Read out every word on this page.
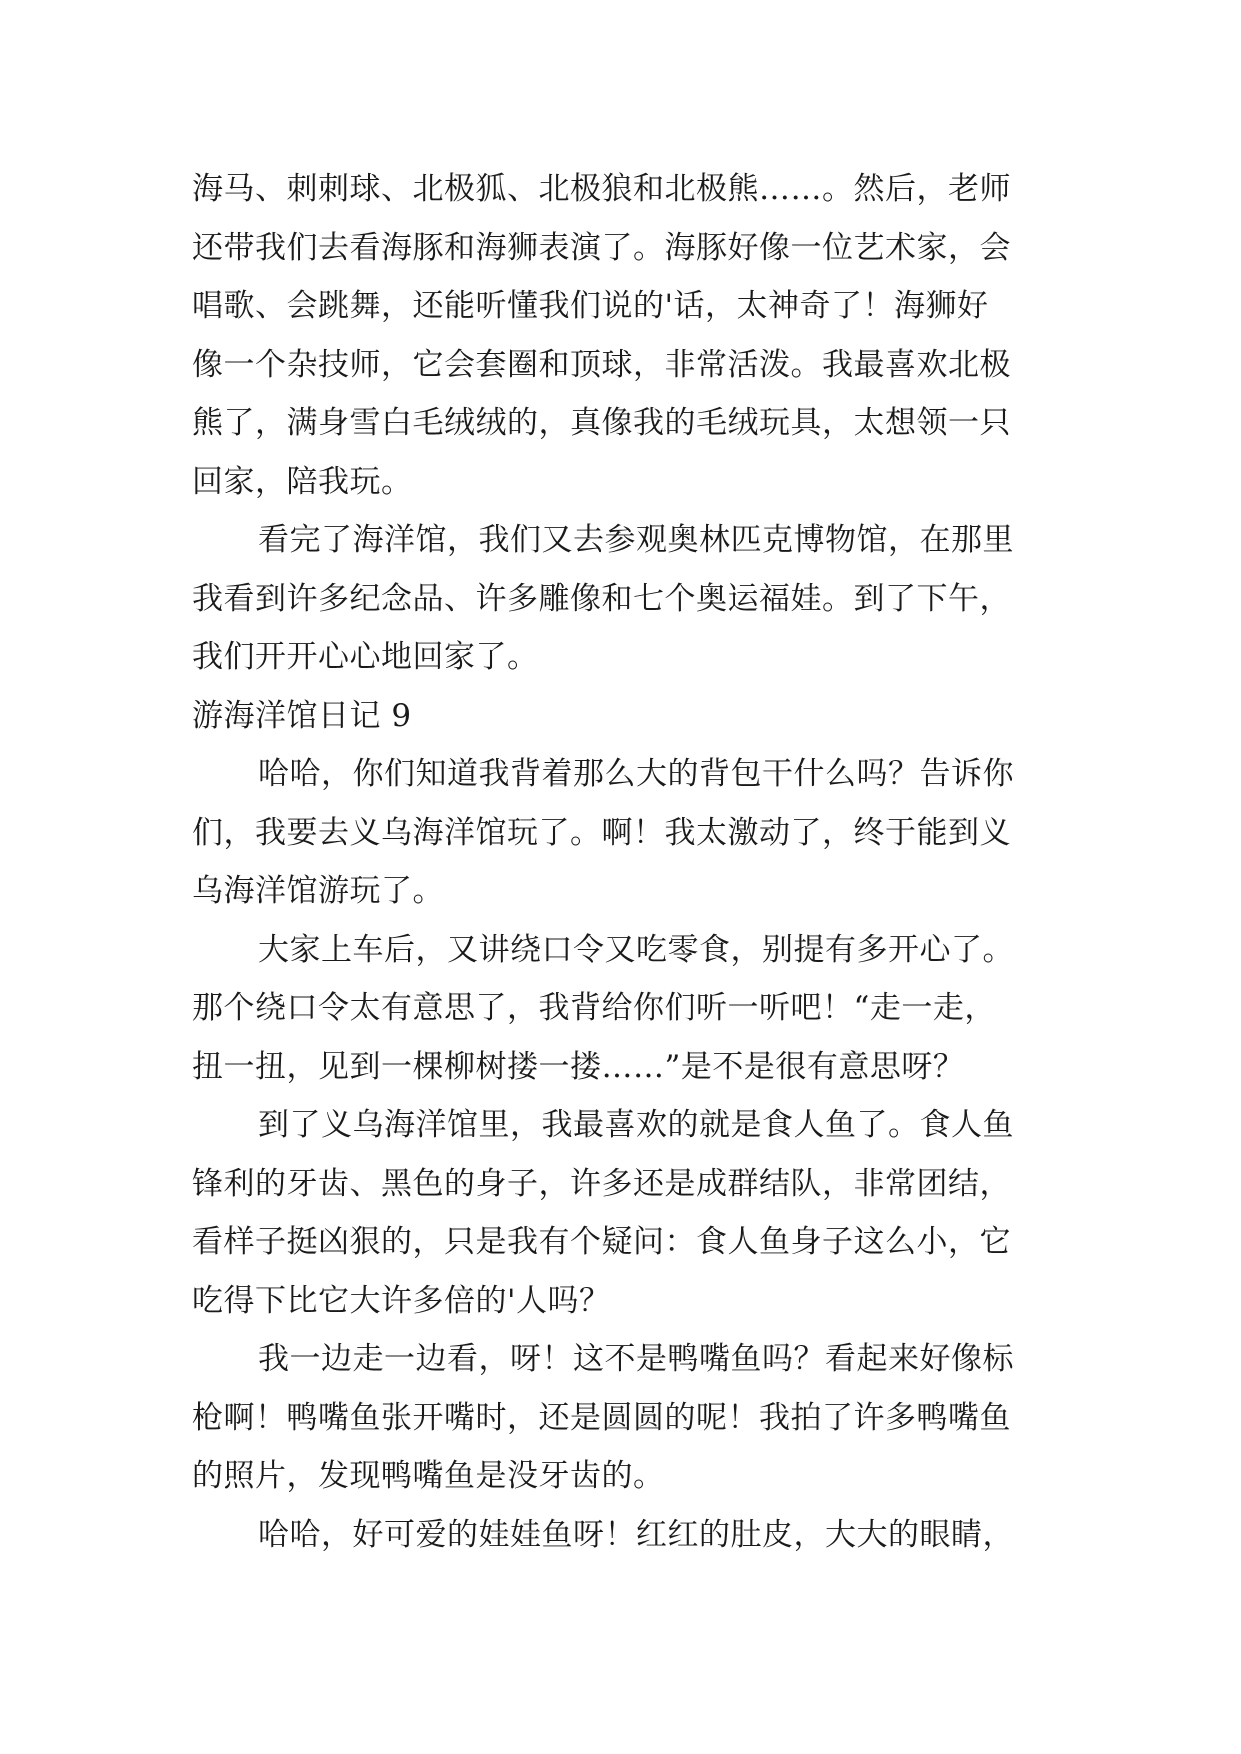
海马、刺刺球、北极狐、北极狼和北极熊……。然后，老师
还带我们去看海豚和海狮表演了。海豚好像一位艺术家，会
唱歌、会跳舞，还能听懂我们说的'话，太神奇了！海狮好
像一个杂技师，它会套圈和顶球，非常活泼。我最喜欢北极
熊了，满身雪白毛绒绒的，真像我的毛绒玩具，太想领一只
回家，陪我玩。
看完了海洋馆，我们又去参观奥林匹克博物馆，在那里
我看到许多纪念品、许多雕像和七个奥运福娃。到了下午，
我们开开心心地回家了。
游海洋馆日记 9
哈哈，你们知道我背着那么大的背包干什么吗？告诉你
们，我要去义乌海洋馆玩了。啊！我太激动了，终于能到义
乌海洋馆游玩了。
大家上车后，又讲绕口令又吃零食，别提有多开心了。
那个绕口令太有意思了，我背给你们听一听吧！“走一走，
扭一扭，见到一棵柳树搂一搂……”是不是很有意思呀？
到了义乌海洋馆里，我最喜欢的就是食人鱼了。食人鱼
锋利的牙齿、黑色的身子，许多还是成群结队，非常团结，
看样子挺凶狠的，只是我有个疑问：食人鱼身子这么小，它
吃得下比它大许多倍的'人吗？
我一边走一边看，呀！这不是鸭嘴鱼吗？看起来好像标
枪啊！鸭嘴鱼张开嘴时，还是圆圆的呢！我拍了许多鸭嘴鱼
的照片，发现鸭嘴鱼是没牙齿的。
哈哈，好可爱的娃娃鱼呀！红红的肚皮，大大的眼睛，
